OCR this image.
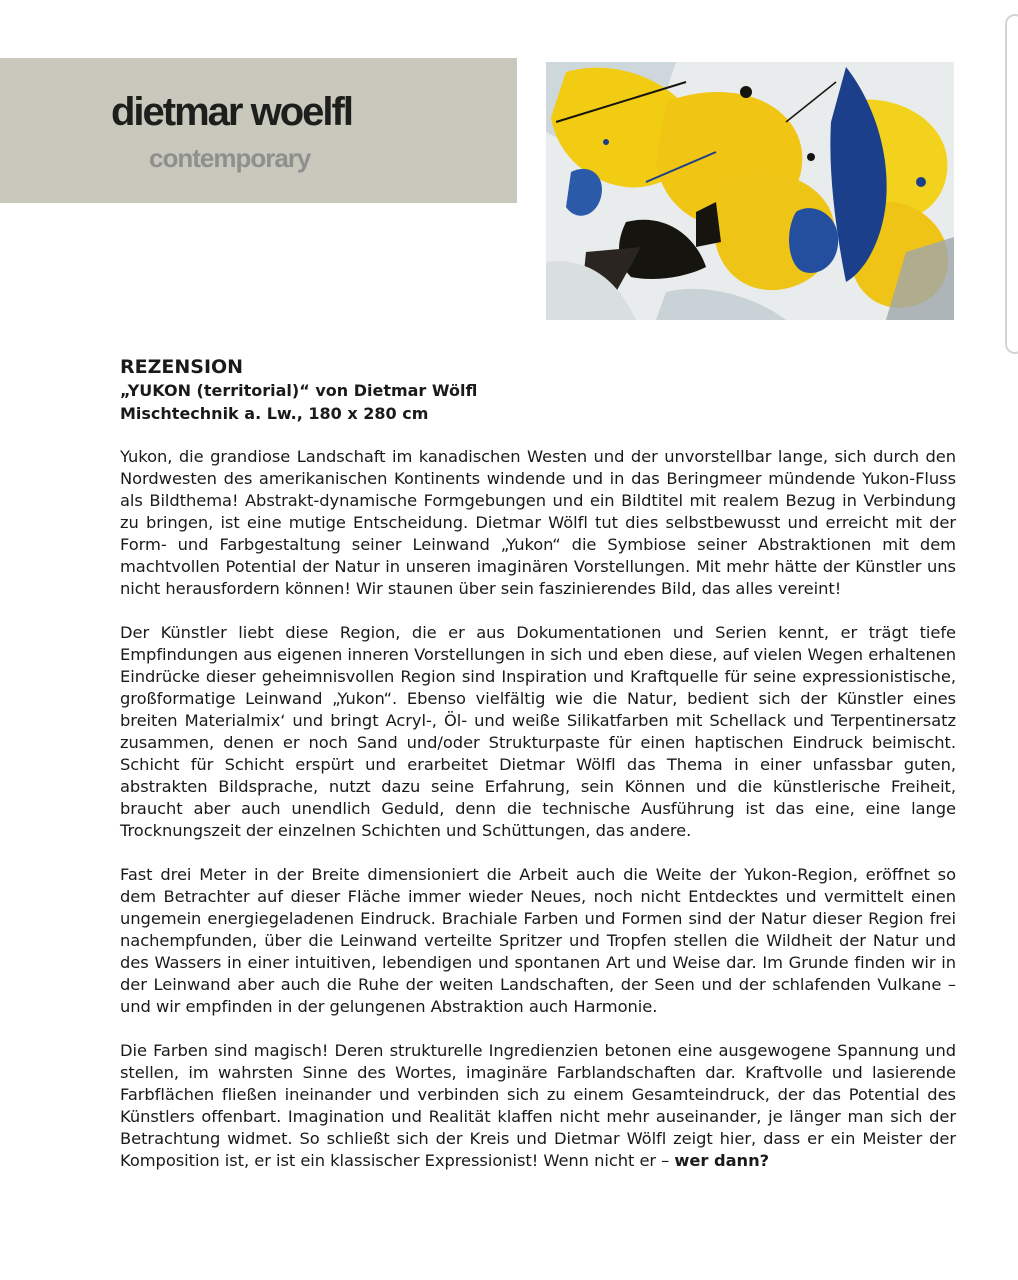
dietmar woelfl
contemporary
REZENSION
„YUKON (territorial)“ von Dietmar Wölfl
Mischtechnik a. Lw., 180 x 280 cm

Yukon, die grandiose Landschaft im kanadischen Westen und der unvorstellbar lange, sich durch den Nordwesten des amerikanischen Kontinents windende und in das Beringmeer mündende Yukon-Fluss als Bildthema! Abstrakt-dynamische Formgebungen und ein Bildtitel mit realem Bezug in Verbindung zu bringen, ist eine mutige Entscheidung. Dietmar Wölfl tut dies selbstbewusst und erreicht mit der Form- und Farbgestaltung seiner Leinwand „Yukon“ die Symbiose seiner Abstraktionen mit dem machtvollen Potential der Natur in unseren imaginären Vorstellungen. Mit mehr hätte der Künstler uns nicht herausfordern können! Wir staunen über sein faszinierendes Bild, das alles vereint!

Der Künstler liebt diese Region, die er aus Dokumentationen und Serien kennt, er trägt tiefe Empfindungen aus eigenen inneren Vorstellungen in sich und eben diese, auf vielen Wegen erhaltenen Eindrücke dieser geheimnisvollen Region sind Inspiration und Kraftquelle für seine expressionistische, großformatige Leinwand „Yukon“. Ebenso vielfältig wie die Natur, bedient sich der Künstler eines breiten Materialmix‘ und bringt Acryl-, Öl- und weiße Silikatfarben mit Schellack und Terpentinersatz zusammen, denen er noch Sand und/oder Strukturpaste für einen haptischen Eindruck beimischt. Schicht für Schicht erspürt und erarbeitet Dietmar Wölfl das Thema in einer unfassbar guten, abstrakten Bildsprache, nutzt dazu seine Erfahrung, sein Können und die künstlerische Freiheit, braucht aber auch unendlich Geduld, denn die technische Ausführung ist das eine, eine lange Trocknungszeit der einzelnen Schichten und Schüttungen, das andere.

Fast drei Meter in der Breite dimensioniert die Arbeit auch die Weite der Yukon-Region, eröffnet so dem Betrachter auf dieser Fläche immer wieder Neues, noch nicht Entdecktes und vermittelt einen ungemein energiegeladenen Eindruck. Brachiale Farben und Formen sind der Natur dieser Region frei nachempfunden, über die Leinwand verteilte Spritzer und Tropfen stellen die Wildheit der Natur und des Wassers in einer intuitiven, lebendigen und spontanen Art und Weise dar. Im Grunde finden wir in der Leinwand aber auch die Ruhe der weiten Landschaften, der Seen und der schlafenden Vulkane – und wir empfinden in der gelungenen Abstraktion auch Harmonie.

Die Farben sind magisch! Deren strukturelle Ingredienzien betonen eine ausgewogene Spannung und stellen, im wahrsten Sinne des Wortes, imaginäre Farblandschaften dar. Kraftvolle und lasierende Farbflächen fließen ineinander und verbinden sich zu einem Gesamteindruck, der das Potential des Künstlers offenbart. Imagination und Realität klaffen nicht mehr auseinander, je länger man sich der Betrachtung widmet. So schließt sich der Kreis und Dietmar Wölfl zeigt hier, dass er ein Meister der Komposition ist, er ist ein klassischer Expressionist! Wenn nicht er – wer dann?
